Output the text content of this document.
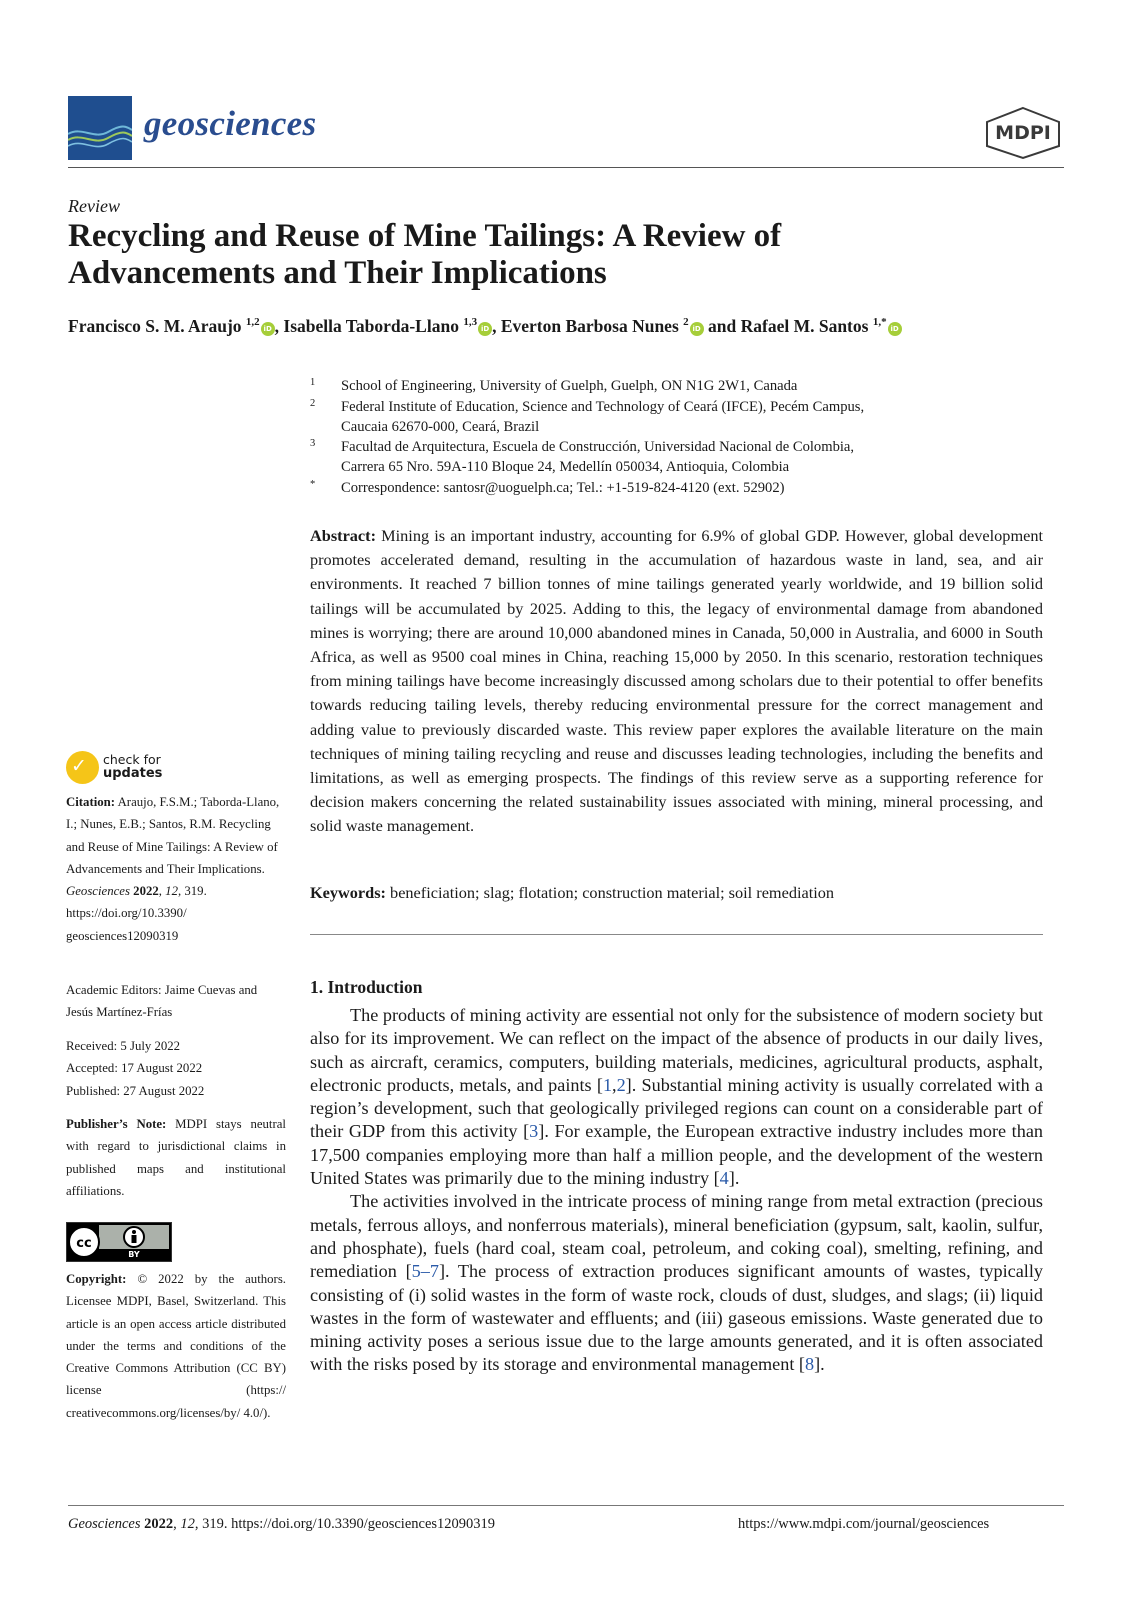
geosciences	MDPI
Review
Recycling and Reuse of Mine Tailings: A Review of
Advancements and Their Implications
Francisco S. M. Araujo $^{1,2}$iD , Isabella Taborda-Llano $^{1,3}$iD , Everton Barbosa Nunes $^2$iD and Rafael M. Santos $^{1,*}$iD
1 School of Engineering, University of Guelph, Guelph, ON N1G 2W1, Canada
2 Federal Institute of Education, Science and Technology of Ceará (IFCE), Pecém Campus,
Caucaia 62670-000, Ceará, Brazil
3 Facultad de Arquitectura, Escuela de Construcción, Universidad Nacional de Colombia,
Carrera 65 Nro. 59A-110 Bloque 24, Medellín 050034, Antioquia, Colombia
* Correspondence: santosr@uoguelph.ca; Tel.: +1-519-824-4120 (ext. 52902)
Abstract: Mining is an important industry, accounting for 6.9% of global GDP. However, global development promotes accelerated demand, resulting in the accumulation of hazardous waste in land, sea, and air environments. It reached 7 billion tonnes of mine tailings generated yearly worldwide, and 19 billion solid tailings will be accumulated by 2025. Adding to this, the legacy of environmental damage from abandoned mines is worrying; there are around 10,000 abandoned mines in Canada, 50,000 in Australia, and 6000 in South Africa, as well as 9500 coal mines in China, reaching 15,000 by 2050. In this scenario, restoration techniques from mining tailings have become increasingly discussed among scholars due to their potential to offer benefits towards reducing tailing levels, thereby reducing environmental pressure for the correct management and adding value to previously discarded waste. This review paper explores the available literature on the main techniques of mining tailing recycling and reuse and discusses leading technologies, including the benefits and limitations, as well as emerging prospects. The findings of this review serve as a supporting reference for decision makers concerning the related sustainability issues associated with mining, mineral processing, and solid waste management.
Keywords: beneficiation; slag; flotation; construction material; soil remediation
1. Introduction

The products of mining activity are essential not only for the subsistence of modern society but also for its improvement. We can reflect on the impact of the absence of products in our daily lives, such as aircraft, ceramics, computers, building materials, medicines, agricultural products, asphalt, electronic products, metals, and paints [1,2]. Substantial mining activity is usually correlated with a region’s development, such that geologically privileged regions can count on a considerable part of their GDP from this activity [3]. For example, the European extractive industry includes more than 17,500 companies employing more than half a million people, and the development of the western United States was primarily due to the mining industry [4].

The activities involved in the intricate process of mining range from metal extraction (precious metals, ferrous alloys, and nonferrous materials), mineral beneficiation (gypsum, salt, kaolin, sulfur, and phosphate), fuels (hard coal, steam coal, petroleum, and coking coal), smelting, refining, and remediation [5–7]. The process of extraction produces significant amounts of wastes, typically consisting of (i) solid wastes in the form of waste rock, clouds of dust, sludges, and slags; (ii) liquid wastes in the form of wastewater and effluents; and (iii) gaseous emissions. Waste generated due to mining activity poses a serious issue due to the large amounts generated, and it is often associated with the risks posed by its storage and environmental management [8].

✓ check for
updates
Citation: Araujo, F.S.M.; Taborda-Llano, I.; Nunes, E.B.; Santos, R.M. Recycling and Reuse of Mine Tailings: A Review of Advancements and Their Implications. Geosciences 2022, 12, 319. https://doi.org/10.3390/ geosciences12090319
Academic Editors: Jaime Cuevas and Jesús Martínez-Frías
Received: 5 July 2022
Accepted: 17 August 2022
Published: 27 August 2022
Publisher’s Note: MDPI stays neutral with regard to jurisdictional claims in published maps and institutional affiliations.
cc
BY
Copyright: © 2022 by the authors. Licensee MDPI, Basel, Switzerland. This article is an open access article distributed under the terms and conditions of the Creative Commons Attribution (CC BY) license (https:// creativecommons.org/licenses/by/ 4.0/).
Geosciences 2022, 12, 319. https://doi.org/10.3390/geosciences12090319	https://www.mdpi.com/journal/geosciences
